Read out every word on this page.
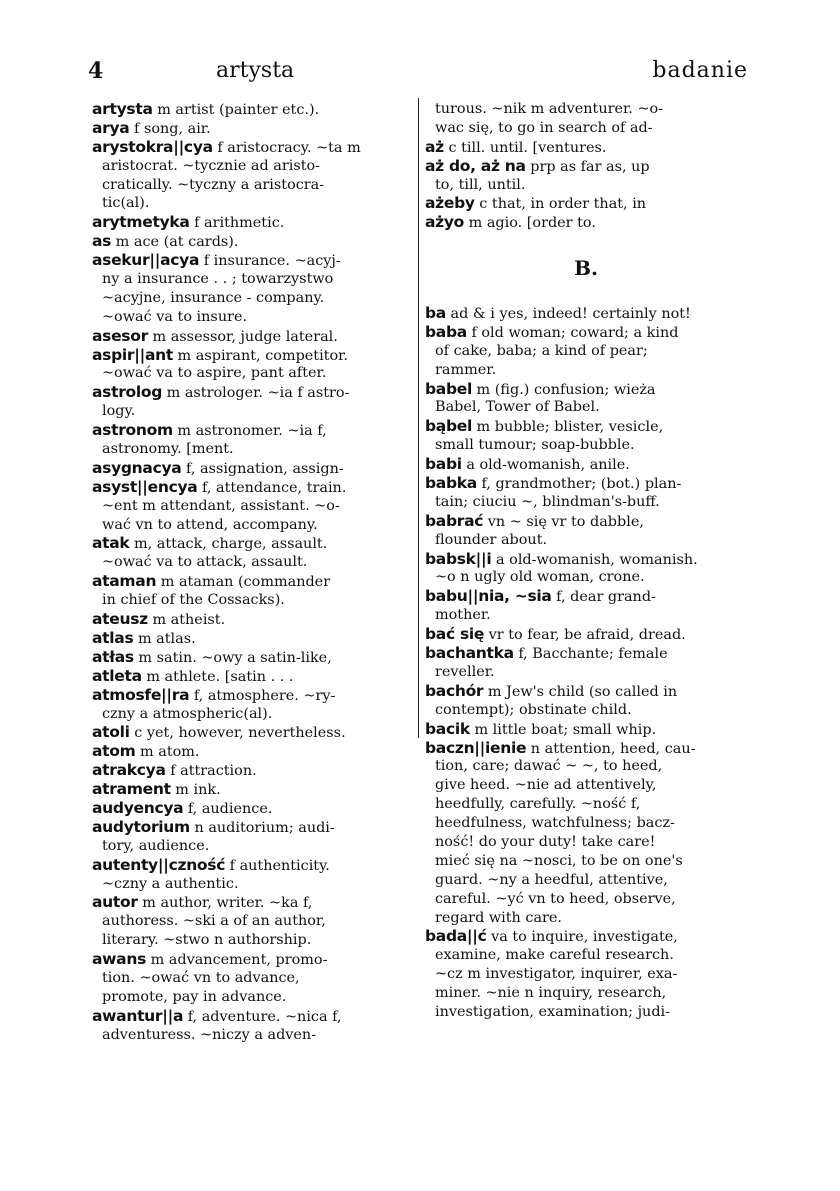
4	artysta	badanie
artysta m artist (painter etc.).
arya f song, air.
arystokra||cya f aristocracy. ~ta m
aristocrat. ~tycznie ad aristo-
cratically. ~tyczny a aristocra-
tic(al).
arytmetyka f arithmetic.
as m ace (at cards).
asekur||acya f insurance. ~acyj-
ny a insurance . . ; towarzystwo
~acyjne, insurance - company.
~ować va to insure.
asesor m assessor, judge lateral.
aspir||ant m aspirant, competitor.
~ować va to aspire, pant after.
astrolog m astrologer. ~ia f astro-
logy.
astronom m astronomer. ~ia f,
astronomy. [ment.
asygnacya f, assignation, assign-
asyst||encya f, attendance, train.
~ent m attendant, assistant. ~o-
wać vn to attend, accompany.
atak m, attack, charge, assault.
~ować va to attack, assault.
ataman m ataman (commander
in chief of the Cossacks).
ateusz m atheist.
atlas m atlas.
atłas m satin. ~owy a satin-like,
atleta m athlete. [satin . . .
atmosfe||ra f, atmosphere. ~ry-
czny a atmospheric(al).
atoli c yet, however, nevertheless.
atom m atom.
atrakcya f attraction.
atrament m ink.
audyencya f, audience.
audytorium n auditorium; audi-
tory, audience.
autenty||czność f authenticity.
~czny a authentic.
autor m author, writer. ~ka f,
authoress. ~ski a of an author,
literary. ~stwo n authorship.
awans m advancement, promo-
tion. ~ować vn to advance,
promote, pay in advance.
awantur||a f, adventure. ~nica f,
adventuress. ~niczy a adven-
turous. ~nik m adventurer. ~o-
wac się, to go in search of ad-
aż c till. until. [ventures.
aż do, aż na prp as far as, up
to, till, until.
ażeby c that, in order that, in
ażyo m agio. [order to.
B.
ba ad & i yes, indeed! certainly not!
baba f old woman; coward; a kind
of cake, baba; a kind of pear;
rammer.
babel m (fig.) confusion; wieża
Babel, Tower of Babel.
bąbel m bubble; blister, vesicle,
small tumour; soap-bubble.
babi a old-womanish, anile.
babka f, grandmother; (bot.) plan-
tain; ciuciu ~, blindman's-buff.
babrać vn ~ się vr to dabble,
flounder about.
babsk||i a old-womanish, womanish.
~o n ugly old woman, crone.
babu||nia, ~sia f, dear grand-
mother.
bać się vr to fear, be afraid, dread.
bachantka f, Bacchante; female
reveller.
bachór m Jew's child (so called in
contempt); obstinate child.
bacik m little boat; small whip.
baczn||ienie n attention, heed, cau-
tion, care; dawać ~ ~, to heed,
give heed. ~nie ad attentively,
heedfully, carefully. ~ność f,
heedfulness, watchfulness; bacz-
ność! do your duty! take care!
mieć się na ~nosci, to be on one's
guard. ~ny a heedful, attentive,
careful. ~yć vn to heed, observe,
regard with care.
bada||ć va to inquire, investigate,
examine, make careful research.
~cz m investigator, inquirer, exa-
miner. ~nie n inquiry, research,
investigation, examination; judi-
